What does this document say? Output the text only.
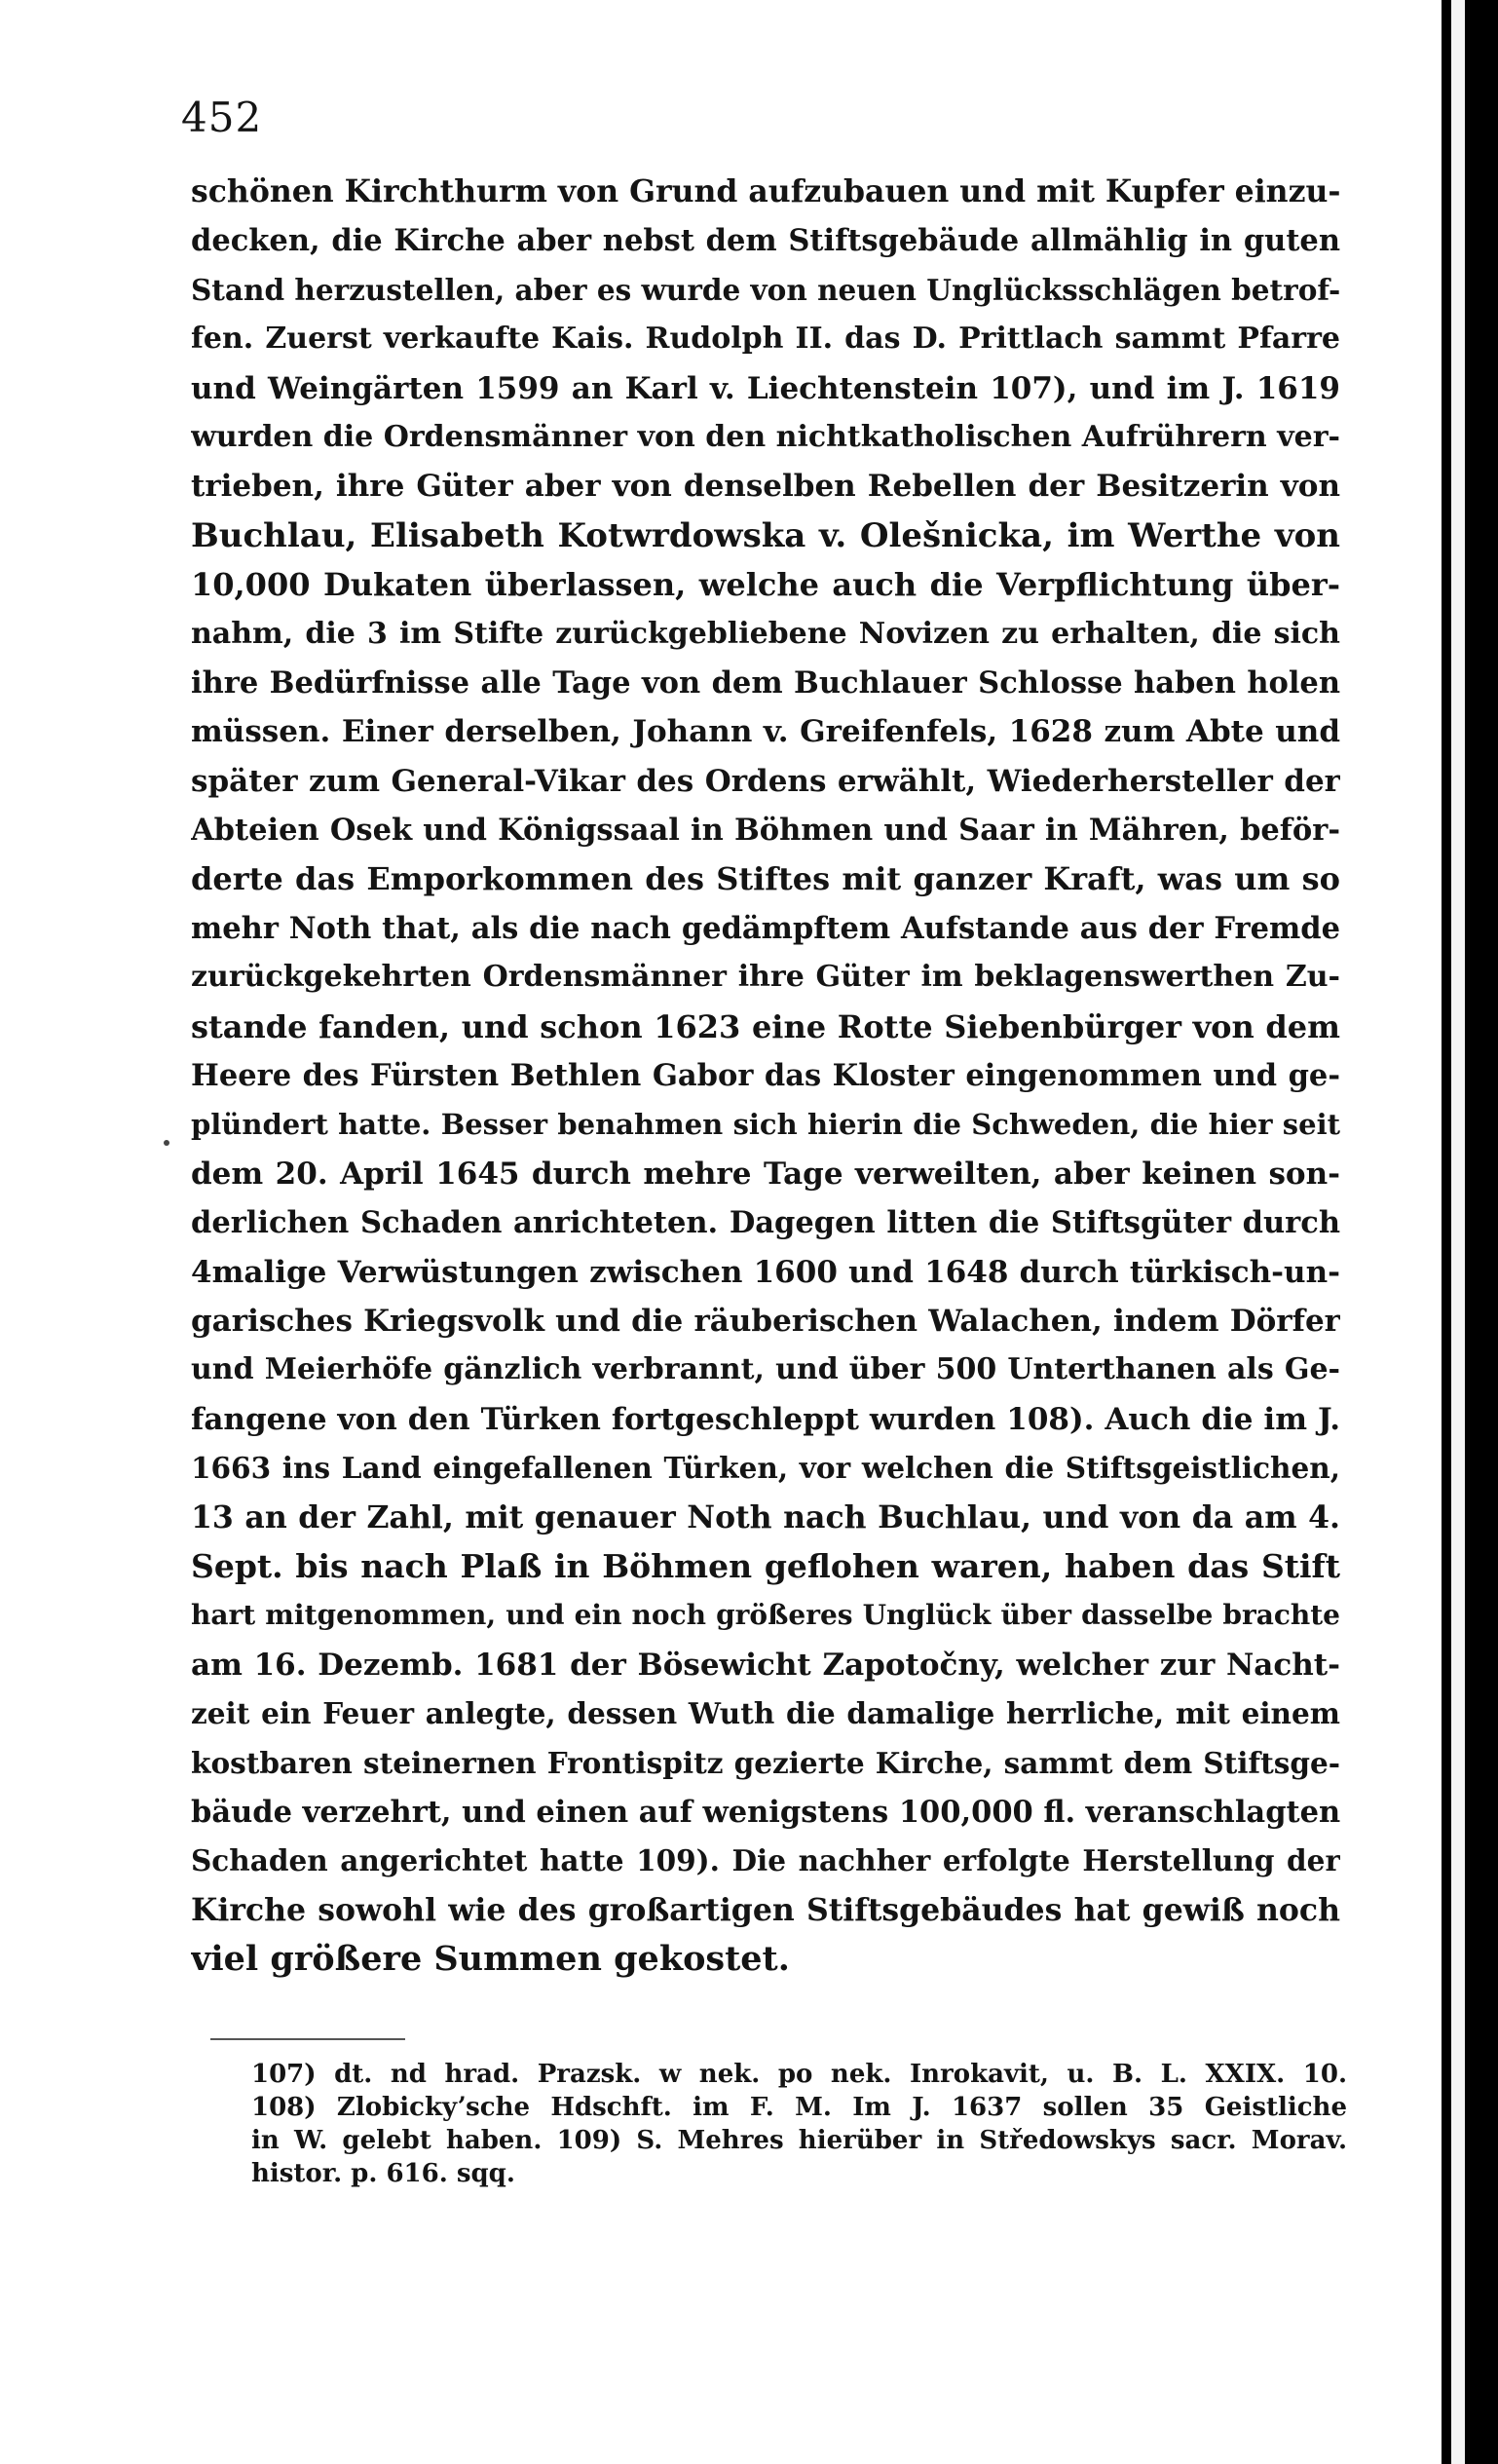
452
schönen Kirchthurm von Grund aufzubauen und mit Kupfer einzu-
decken, die Kirche aber nebst dem Stiftsgebäude allmählig in guten
Stand herzustellen, aber es wurde von neuen Unglücksschlägen betrof-
fen. Zuerst verkaufte Kais. Rudolph II. das D. Prittlach sammt Pfarre
und Weingärten 1599 an Karl v. Liechtenstein 107), und im J. 1619
wurden die Ordensmänner von den nichtkatholischen Aufrührern ver-
trieben, ihre Güter aber von denselben Rebellen der Besitzerin von
Buchlau, Elisabeth Kotwrdowska v. Olešnicka, im Werthe von
10,000 Dukaten überlassen, welche auch die Verpflichtung über-
nahm, die 3 im Stifte zurückgebliebene Novizen zu erhalten, die sich
ihre Bedürfnisse alle Tage von dem Buchlauer Schlosse haben holen
müssen. Einer derselben, Johann v. Greifenfels, 1628 zum Abte und
später zum General-Vikar des Ordens erwählt, Wiederhersteller der
Abteien Osek und Königssaal in Böhmen und Saar in Mähren, beför-
derte das Emporkommen des Stiftes mit ganzer Kraft, was um so
mehr Noth that, als die nach gedämpftem Aufstande aus der Fremde
zurückgekehrten Ordensmänner ihre Güter im beklagenswerthen Zu-
stande fanden, und schon 1623 eine Rotte Siebenbürger von dem
Heere des Fürsten Bethlen Gabor das Kloster eingenommen und ge-
plündert hatte. Besser benahmen sich hierin die Schweden, die hier seit
dem 20. April 1645 durch mehre Tage verweilten, aber keinen son-
derlichen Schaden anrichteten. Dagegen litten die Stiftsgüter durch
4malige Verwüstungen zwischen 1600 und 1648 durch türkisch-un-
garisches Kriegsvolk und die räuberischen Walachen, indem Dörfer
und Meierhöfe gänzlich verbrannt, und über 500 Unterthanen als Ge-
fangene von den Türken fortgeschleppt wurden 108). Auch die im J.
1663 ins Land eingefallenen Türken, vor welchen die Stiftsgeistlichen,
13 an der Zahl, mit genauer Noth nach Buchlau, und von da am 4.
Sept. bis nach Plaß in Böhmen geflohen waren, haben das Stift
hart mitgenommen, und ein noch größeres Unglück über dasselbe brachte
am 16. Dezemb. 1681 der Bösewicht Zapotočny, welcher zur Nacht-
zeit ein Feuer anlegte, dessen Wuth die damalige herrliche, mit einem
kostbaren steinernen Frontispitz gezierte Kirche, sammt dem Stiftsge-
bäude verzehrt, und einen auf wenigstens 100,000 fl. veranschlagten
Schaden angerichtet hatte 109). Die nachher erfolgte Herstellung der
Kirche sowohl wie des großartigen Stiftsgebäudes hat gewiß noch
viel größere Summen gekostet.
107) dt. nd hrad. Prazsk. w nek. po nek. Inrokavit, u. B. L. XXIX. 10.
108) Zlobickyʼsche Hdschft. im F. M. Im J. 1637 sollen 35 Geistliche
in W. gelebt haben. 109) S. Mehres hierüber in Středowskys sacr. Morav.
histor. p. 616. sqq.
